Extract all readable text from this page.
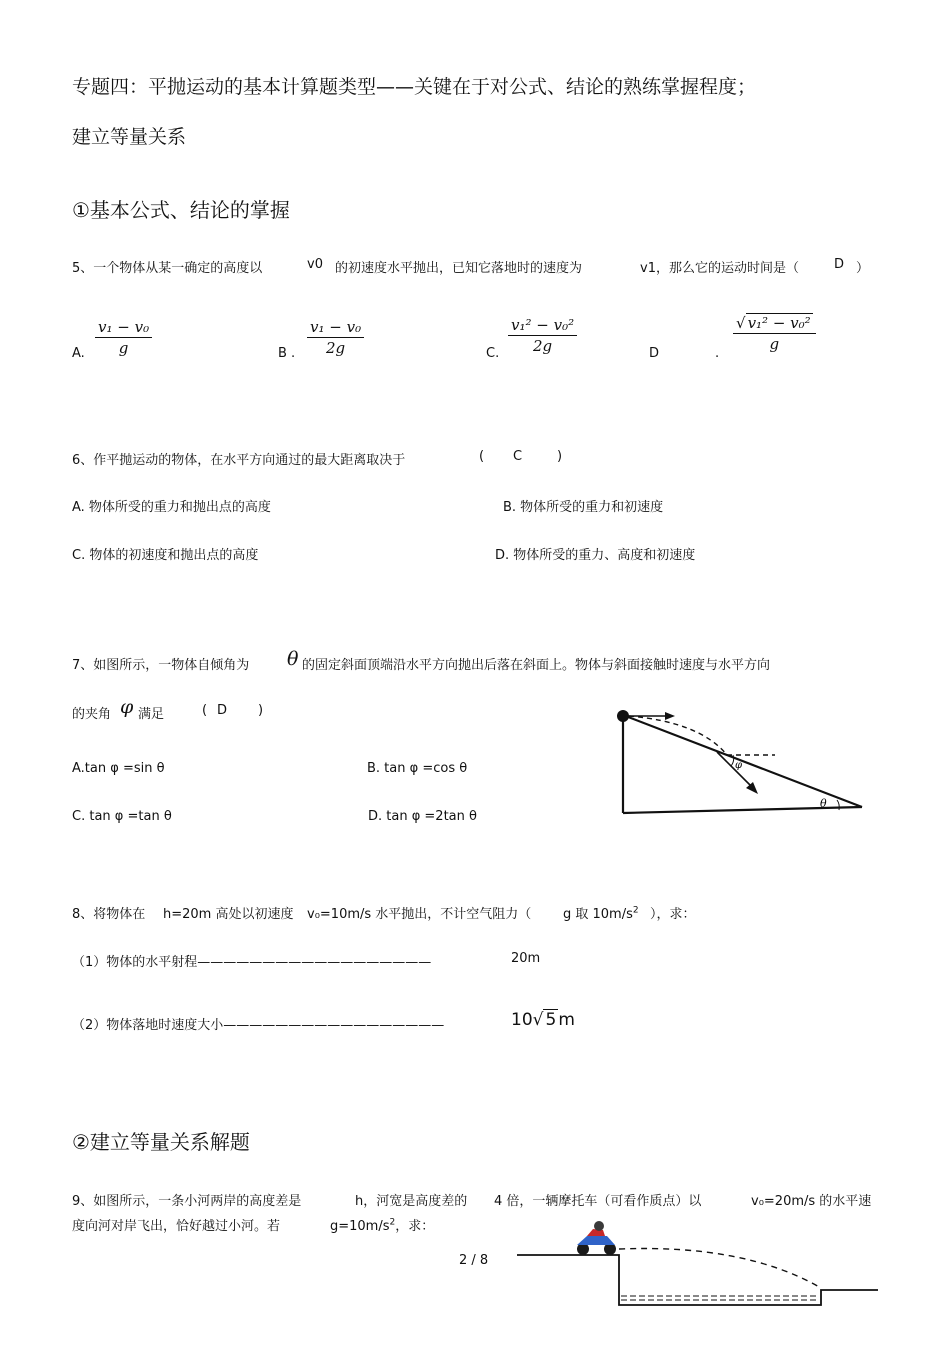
专题四：平抛运动的基本计算题类型——关键在于对公式、结论的熟练掌握程度；
建立等量关系
①基本公式、结论的掌握
5、一个物体从某一确定的高度以	v0 的初速度水平抛出，已知它落地时的速度为	v1，那么它的运动时间是（	D ）
A. $\frac{\text{v₁ − v₀}}{g}$	B . $\frac{\text{v₁ − v₀}}{2g}$	C. $\frac{\text{v₁² − v₀²}}{2g}$	D	.
$\frac{\text{√ v₁² − v₀²}}{g}$
6、作平抛运动的物体，在水平方向通过的最大距离取决于	( C	)
A. 物体所受的重力和抛出点的高度	B. 物体所受的重力和初速度
C. 物体的初速度和抛出点的高度	D. 物体所受的重力、高度和初速度
7、如图所示，一物体自倾角为 θ 的固定斜面顶端沿水平方向抛出后落在斜面上。物体与斜面接触时速度与水平方向
的夹角 φ 满足	( D )
A.tan φ =sin θ	B. tan φ =cos θ
C. tan φ =tan θ	D. tan φ =2tan θ
φ
θ
8、将物体在 h=20m 高处以初速度 v₀=10m/s 水平抛出，不计空气阻力（ g 取 $10m/s^2$ ），求：
（1）物体的水平射程——————————————————	20m
（2）物体落地时速度大小—————————————————	10√ 5 m
②建立等量关系解题
9、如图所示，一条小河两岸的高度差是	h，河宽是高度差的 4 倍，一辆摩托车（可看作质点）以	v₀=20m/s 的水平速
度向河对岸飞出，恰好越过小河。若	$g=10m/s^2$，求：
2 / 8
